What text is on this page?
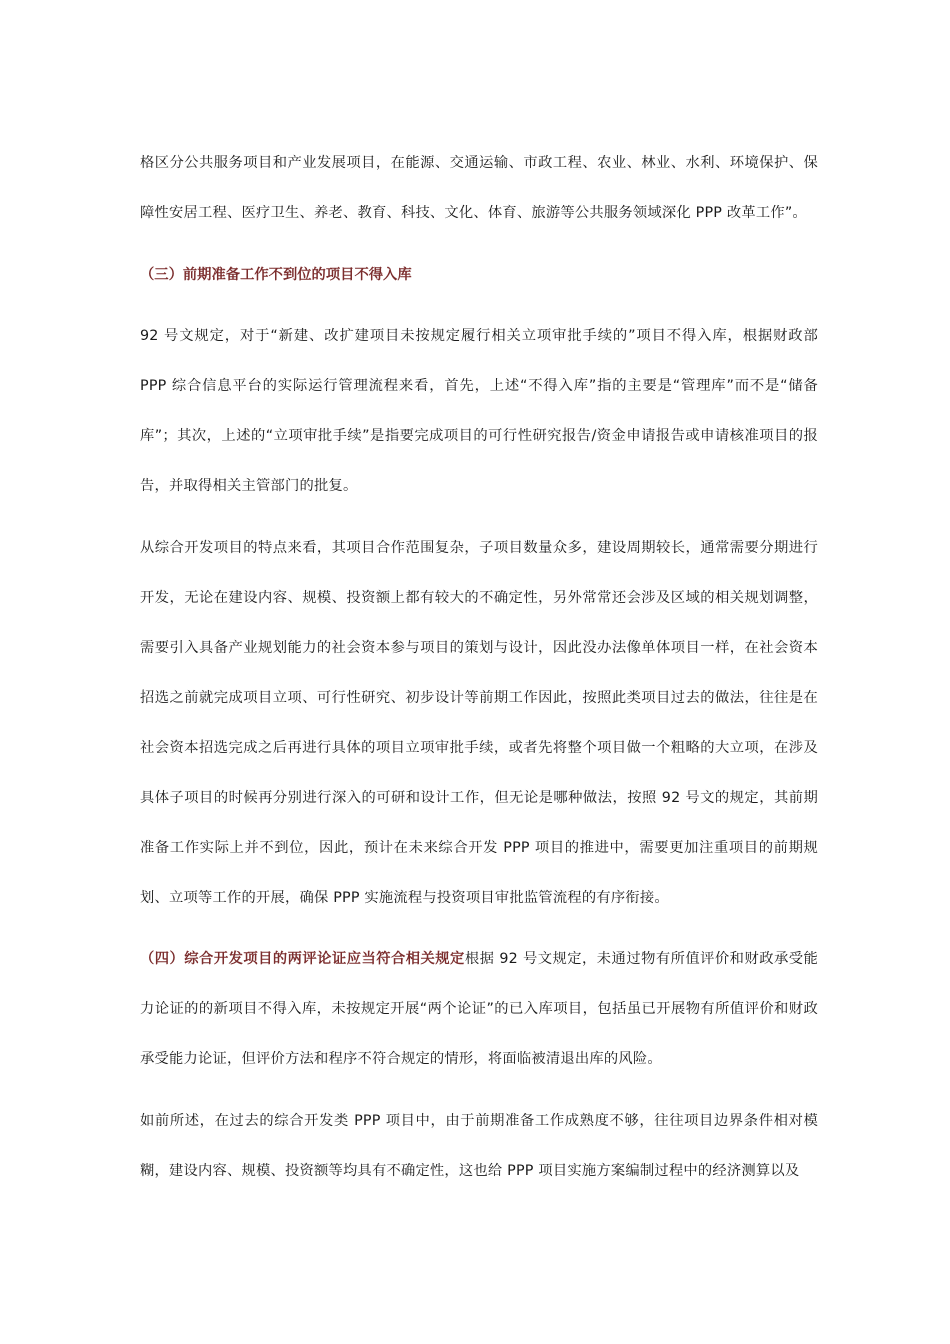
格区分公共服务项目和产业发展项目，在能源、交通运输、市政工程、农业、林业、水利、环境保护、保障性安居工程、医疗卫生、养老、教育、科技、文化、体育、旅游等公共服务领域深化 PPP 改革工作”。

（三）前期准备工作不到位的项目不得入库

92 号文规定，对于“新建、改扩建项目未按规定履行相关立项审批手续的”项目不得入库，根据财政部 PPP 综合信息平台的实际运行管理流程来看，首先，上述“不得入库”指的主要是“管理库”而不是“储备库”；其次，上述的“立项审批手续”是指要完成项目的可行性研究报告/资金申请报告或申请核准项目的报告，并取得相关主管部门的批复。

从综合开发项目的特点来看，其项目合作范围复杂，子项目数量众多，建设周期较长，通常需要分期进行开发，无论在建设内容、规模、投资额上都有较大的不确定性，另外常常还会涉及区域的相关规划调整，需要引入具备产业规划能力的社会资本参与项目的策划与设计，因此没办法像单体项目一样，在社会资本招选之前就完成项目立项、可行性研究、初步设计等前期工作因此，按照此类项目过去的做法，往往是在社会资本招选完成之后再进行具体的项目立项审批手续，或者先将整个项目做一个粗略的大立项，在涉及具体子项目的时候再分别进行深入的可研和设计工作，但无论是哪种做法，按照 92 号文的规定，其前期准备工作实际上并不到位，因此，预计在未来综合开发 PPP 项目的推进中，需要更加注重项目的前期规划、立项等工作的开展，确保 PPP 实施流程与投资项目审批监管流程的有序衔接。

（四）综合开发项目的两评论证应当符合相关规定根据 92 号文规定，未通过物有所值评价和财政承受能力论证的的新项目不得入库，未按规定开展“两个论证”的已入库项目，包括虽已开展物有所值评价和财政承受能力论证，但评价方法和程序不符合规定的情形，将面临被清退出库的风险。

如前所述，在过去的综合开发类 PPP 项目中，由于前期准备工作成熟度不够，往往项目边界条件相对模糊，建设内容、规模、投资额等均具有不确定性，这也给 PPP 项目实施方案编制过程中的经济测算以及
